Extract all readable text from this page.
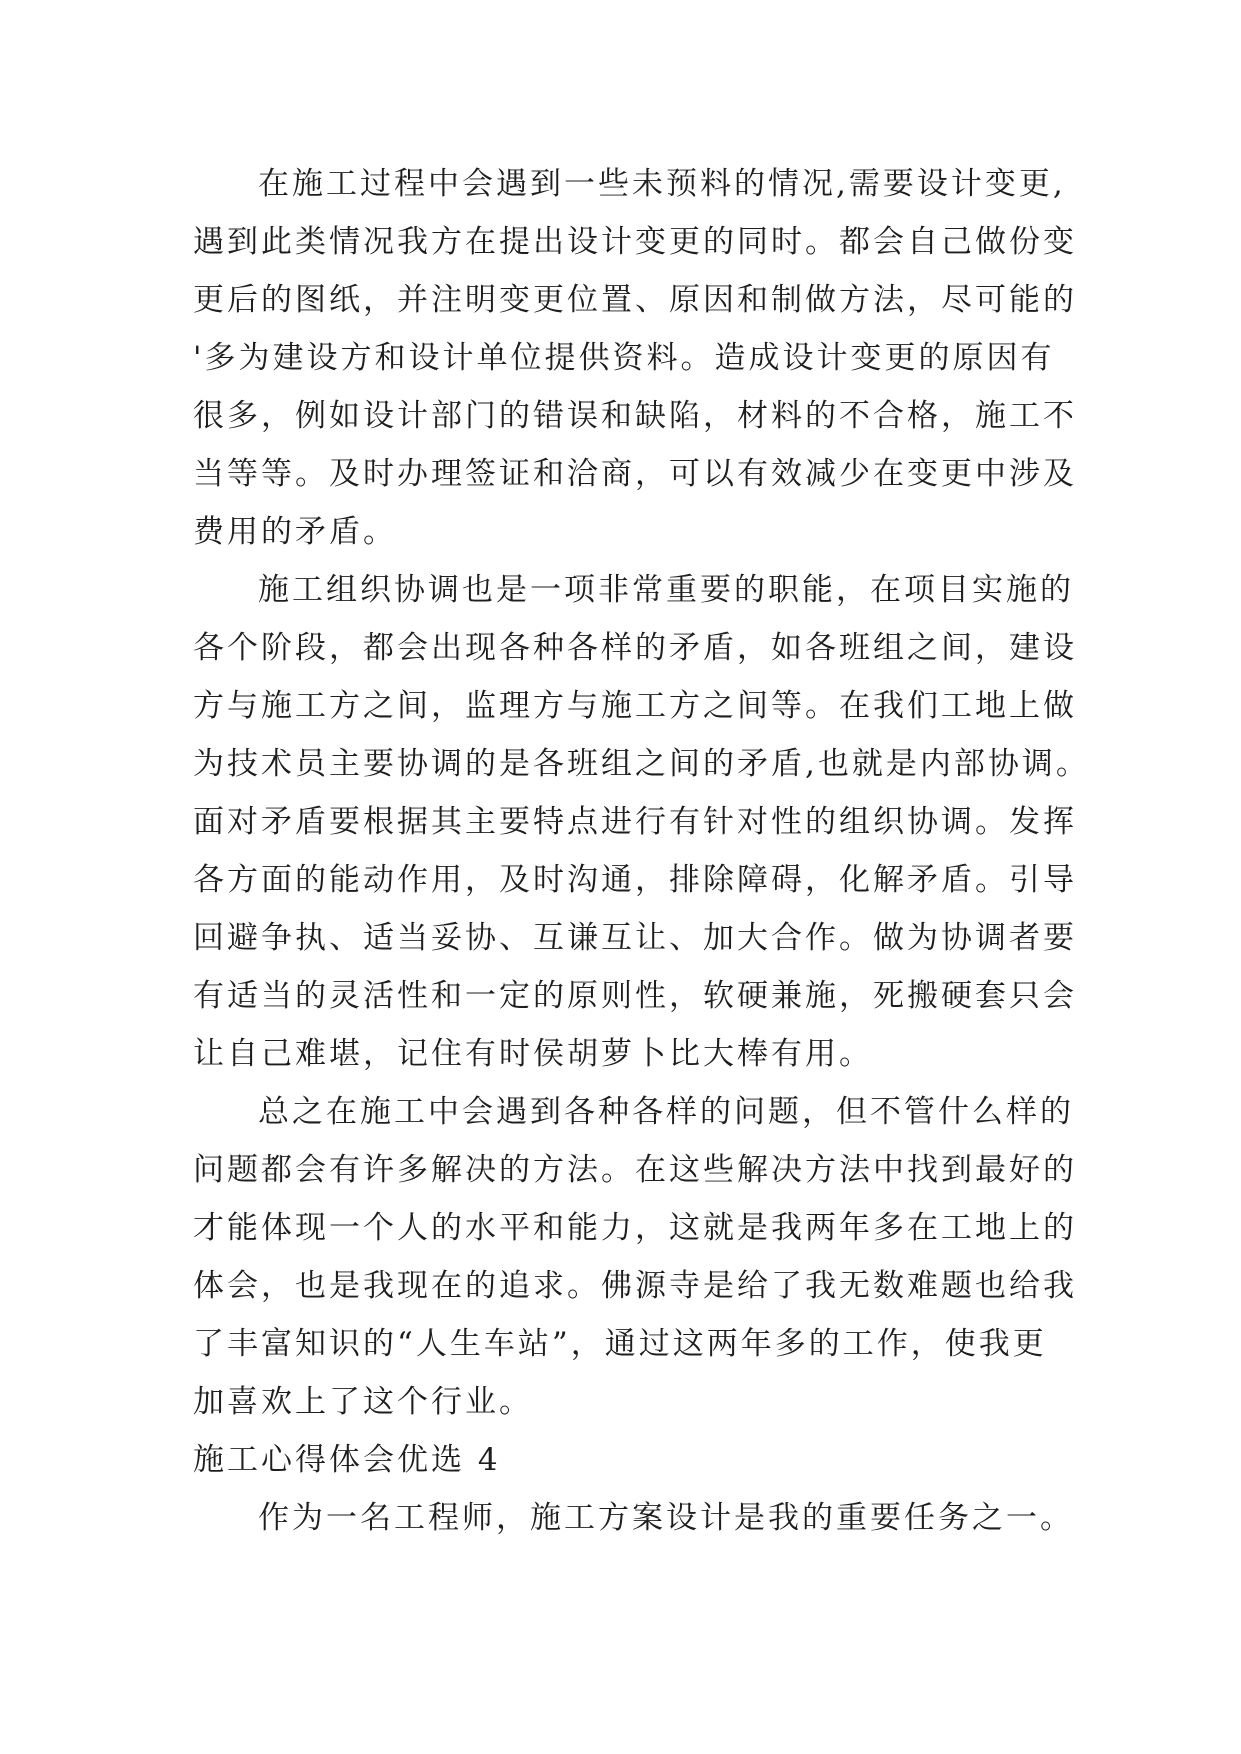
在施工过程中会遇到一些未预料的情况,需要设计变更,
遇到此类情况我方在提出设计变更的同时。都会自己做份变
更后的图纸，并注明变更位置、原因和制做方法，尽可能的
'多为建设方和设计单位提供资料。造成设计变更的原因有
很多，例如设计部门的错误和缺陷，材料的不合格，施工不
当等等。及时办理签证和洽商，可以有效减少在变更中涉及
费用的矛盾。
施工组织协调也是一项非常重要的职能，在项目实施的
各个阶段，都会出现各种各样的矛盾，如各班组之间，建设
方与施工方之间，监理方与施工方之间等。在我们工地上做
为技术员主要协调的是各班组之间的矛盾,也就是内部协调。
面对矛盾要根据其主要特点进行有针对性的组织协调。发挥
各方面的能动作用，及时沟通，排除障碍，化解矛盾。引导
回避争执、适当妥协、互谦互让、加大合作。做为协调者要
有适当的灵活性和一定的原则性，软硬兼施，死搬硬套只会
让自己难堪，记住有时侯胡萝卜比大棒有用。
总之在施工中会遇到各种各样的问题，但不管什么样的
问题都会有许多解决的方法。在这些解决方法中找到最好的
才能体现一个人的水平和能力，这就是我两年多在工地上的
体会，也是我现在的追求。佛源寺是给了我无数难题也给我
了丰富知识的“人生车站”，通过这两年多的工作，使我更
加喜欢上了这个行业。
施工心得体会优选 4
作为一名工程师，施工方案设计是我的重要任务之一。
